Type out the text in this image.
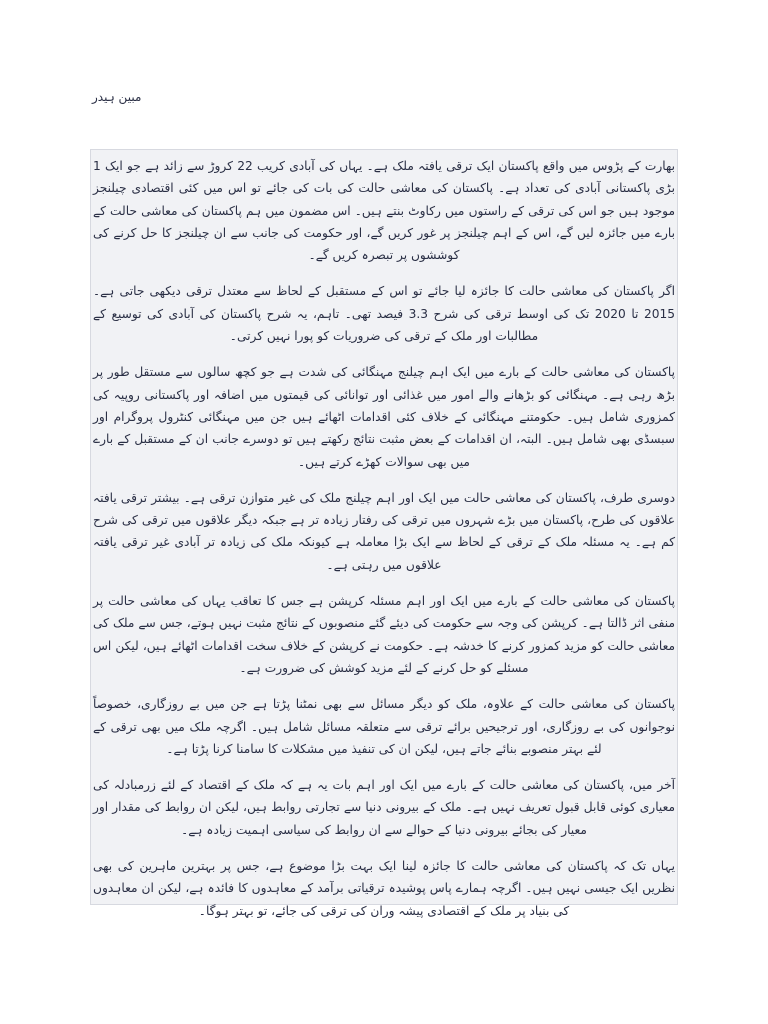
مبین ہیدر

بھارت کے پڑوس میں واقع پاکستان ایک ترقی یافتہ ملک ہے۔ یہاں کی آبادی کریب 22 کروڑ سے زائد ہے جو ایک 1 بڑی پاکستانی آبادی کی تعداد ہے۔ پاکستان کی معاشی حالت کی بات کی جائے تو اس میں کئی اقتصادی چیلنجز موجود ہیں جو اس کی ترقی کے راستوں میں رکاوٹ بنتے ہیں۔ اس مضمون میں ہم پاکستان کی معاشی حالت کے بارے میں جائزہ لیں گے، اس کے اہم چیلنجز پر غور کریں گے، اور حکومت کی جانب سے ان چیلنجز کا حل کرنے کی کوششوں پر تبصرہ کریں گے۔

اگر پاکستان کی معاشی حالت کا جائزہ لیا جائے تو اس کے مستقبل کے لحاظ سے معتدل ترقی دیکھی جاتی ہے۔ 2015 تا 2020 تک کی اوسط ترقی کی شرح 3.3 فیصد تھی۔ تاہم، یہ شرح پاکستان کی آبادی کی توسیع کے مطالبات اور ملک کے ترقی کی ضروریات کو پورا نہیں کرتی۔

پاکستان کی معاشی حالت کے بارے میں ایک اہم چیلنج مہنگائی کی شدت ہے جو کچھ سالوں سے مستقل طور پر بڑھ رہی ہے۔ مہنگائی کو بڑھانے والے امور میں غذائی اور توانائی کی قیمتوں میں اضافہ اور پاکستانی روپیہ کی کمزوری شامل ہیں۔ حکومتنے مہنگائی کے خلاف کئی اقدامات اٹھائے ہیں جن میں مہنگائی کنٹرول پروگرام اور سبسڈی بھی شامل ہیں۔ البتہ، ان اقدامات کے بعض مثبت نتائج رکھتے ہیں تو دوسرے جانب ان کے مستقبل کے بارے میں بھی سوالات کھڑے کرتے ہیں۔

دوسری طرف، پاکستان کی معاشی حالت میں ایک اور اہم چیلنج ملک کی غیر متوازن ترقی ہے۔ بیشتر ترقی یافتہ علاقوں کی طرح، پاکستان میں بڑے شہروں میں ترقی کی رفتار زیادہ تر ہے جبکہ دیگر علاقوں میں ترقی کی شرح کم ہے۔ یہ مسئلہ ملک کے ترقی کے لحاظ سے ایک بڑا معاملہ ہے کیونکہ ملک کی زیادہ تر آبادی غیر ترقی یافتہ علاقوں میں رہتی ہے۔

پاکستان کی معاشی حالت کے بارے میں ایک اور اہم مسئلہ کرپشن ہے جس کا تعاقب یہاں کی معاشی حالت پر منفی اثر ڈالتا ہے۔ کرپشن کی وجہ سے حکومت کی دیئے گئے منصوبوں کے نتائج مثبت نہیں ہوتے، جس سے ملک کی معاشی حالت کو مزید کمزور کرنے کا خدشہ ہے۔ حکومت نے کرپشن کے خلاف سخت اقدامات اٹھائے ہیں، لیکن اس مسئلے کو حل کرنے کے لئے مزید کوشش کی ضرورت ہے۔

پاکستان کی معاشی حالت کے علاوہ، ملک کو دیگر مسائل سے بھی نمٹنا پڑتا ہے جن میں بے روزگاری، خصوصاً نوجوانوں کی بے روزگاری، اور ترجیحیں برائے ترقی سے متعلقہ مسائل شامل ہیں۔ اگرچہ ملک میں بھی ترقی کے لئے بہتر منصوبے بنائے جاتے ہیں، لیکن ان کی تنفیذ میں مشکلات کا سامنا کرنا پڑتا ہے۔

آخر میں، پاکستان کی معاشی حالت کے بارے میں ایک اور اہم بات یہ ہے کہ ملک کے اقتصاد کے لئے زرمبادلہ کی معیاری کوئی قابل قبول تعریف نہیں ہے۔ ملک کے بیرونی دنیا سے تجارتی روابط ہیں، لیکن ان روابط کی مقدار اور معیار کی بجائے بیرونی دنیا کے حوالے سے ان روابط کی سیاسی اہمیت زیادہ ہے۔

یہاں تک کہ پاکستان کی معاشی حالت کا جائزہ لینا ایک بہت بڑا موضوع ہے، جس پر بہترین ماہرین کی بھی نظریں ایک جیسی نہیں ہیں۔ اگرچہ ہمارے پاس پوشیدہ ترقیاتی برآمد کے معاہدوں کا فائدہ ہے، لیکن ان معاہدوں کی بنیاد پر ملک کے اقتصادی پیشہ وران کی ترقی کی جائے، تو بہتر ہوگا۔
